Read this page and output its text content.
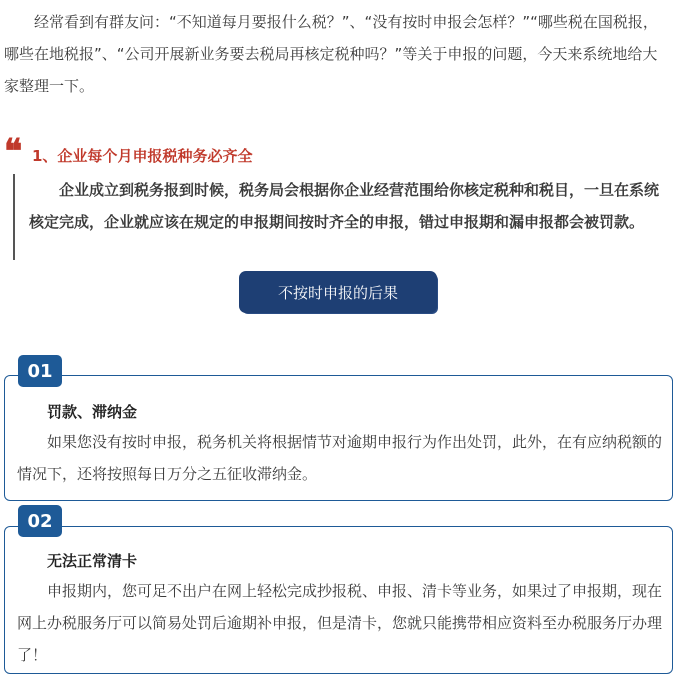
经常看到有群友问：“不知道每月要报什么税？”、“没有按时申报会怎样？”“哪些税在国税报，哪些在地税报”、“公司开展新业务要去税局再核定税种吗？”等关于申报的问题，今天来系统地给大家整理一下。

❝ 1、企业每个月申报税种务必齐全

企业成立到税务报到时候，税务局会根据你企业经营范围给你核定税种和税目，一旦在系统核定完成，企业就应该在规定的申报期间按时齐全的申报，错过申报期和漏申报都会被罚款。

不按时申报的后果

罚款、滞纳金

如果您没有按时申报，税务机关将根据情节对逾期申报行为作出处罚，此外，在有应纳税额的情况下，还将按照每日万分之五征收滞纳金。

01

无法正常清卡

申报期内，您可足不出户在网上轻松完成抄报税、申报、清卡等业务，如果过了申报期，现在网上办税服务厅可以简易处罚后逾期补申报，但是清卡，您就只能携带相应资料至办税服务厅办理了！

02
